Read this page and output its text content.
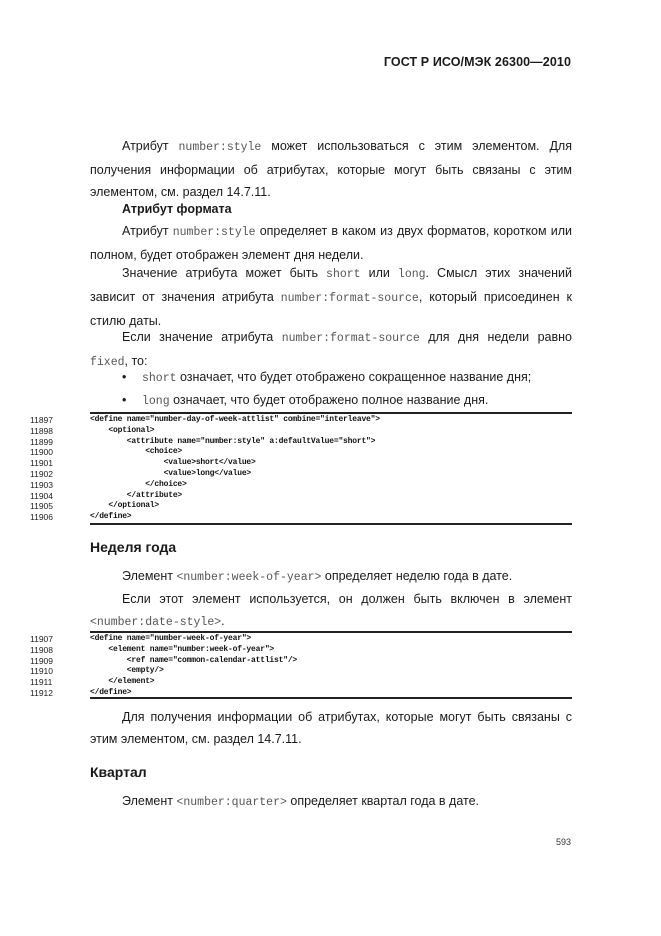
ГОСТ Р ИСО/МЭК 26300—2010

Атрибут number:style может использоваться с этим элементом. Для получения информации об атрибутах, которые могут быть связаны с этим элементом, см. раздел 14.7.11.

Атрибут формата

Атрибут number:style определяет в каком из двух форматов, коротком или полном, будет отображен элемент дня недели.

Значение атрибута может быть short или long. Смысл этих значений зависит от значения атрибута number:format-source, который присоединен к стилю даты.

Если значение атрибута number:format-source для дня недели равно fixed, то:

• short означает, что будет отображено сокращенное название дня;
• long означает, что будет отображено полное название дня.
11897	<define name="number-day-of-week-attlist" combine="interleave">
11898	<optional>
11899	<attribute name="number:style" a:defaultValue="short">
11900	<choice>
11901	<value>short</value>
11902	<value>long</value>
11903	</choice>
11904	</attribute>
11905	</optional>
11906	</define>
Неделя года

Элемент <number:week-of-year> определяет неделю года в дате.

Если этот элемент используется, он должен быть включен в элемент <number:date-style>.

11907	<define name="number-week-of-year">
11908	<element name="number:week-of-year">
11909	<ref name="common-calendar-attlist"/>
11910	<empty/>
11911	</element>
11912	</define>

Для получения информации об атрибутах, которые могут быть связаны с этим элементом, см. раздел 14.7.11.

Квартал

Элемент <number:quarter> определяет квартал года в дате.

593
